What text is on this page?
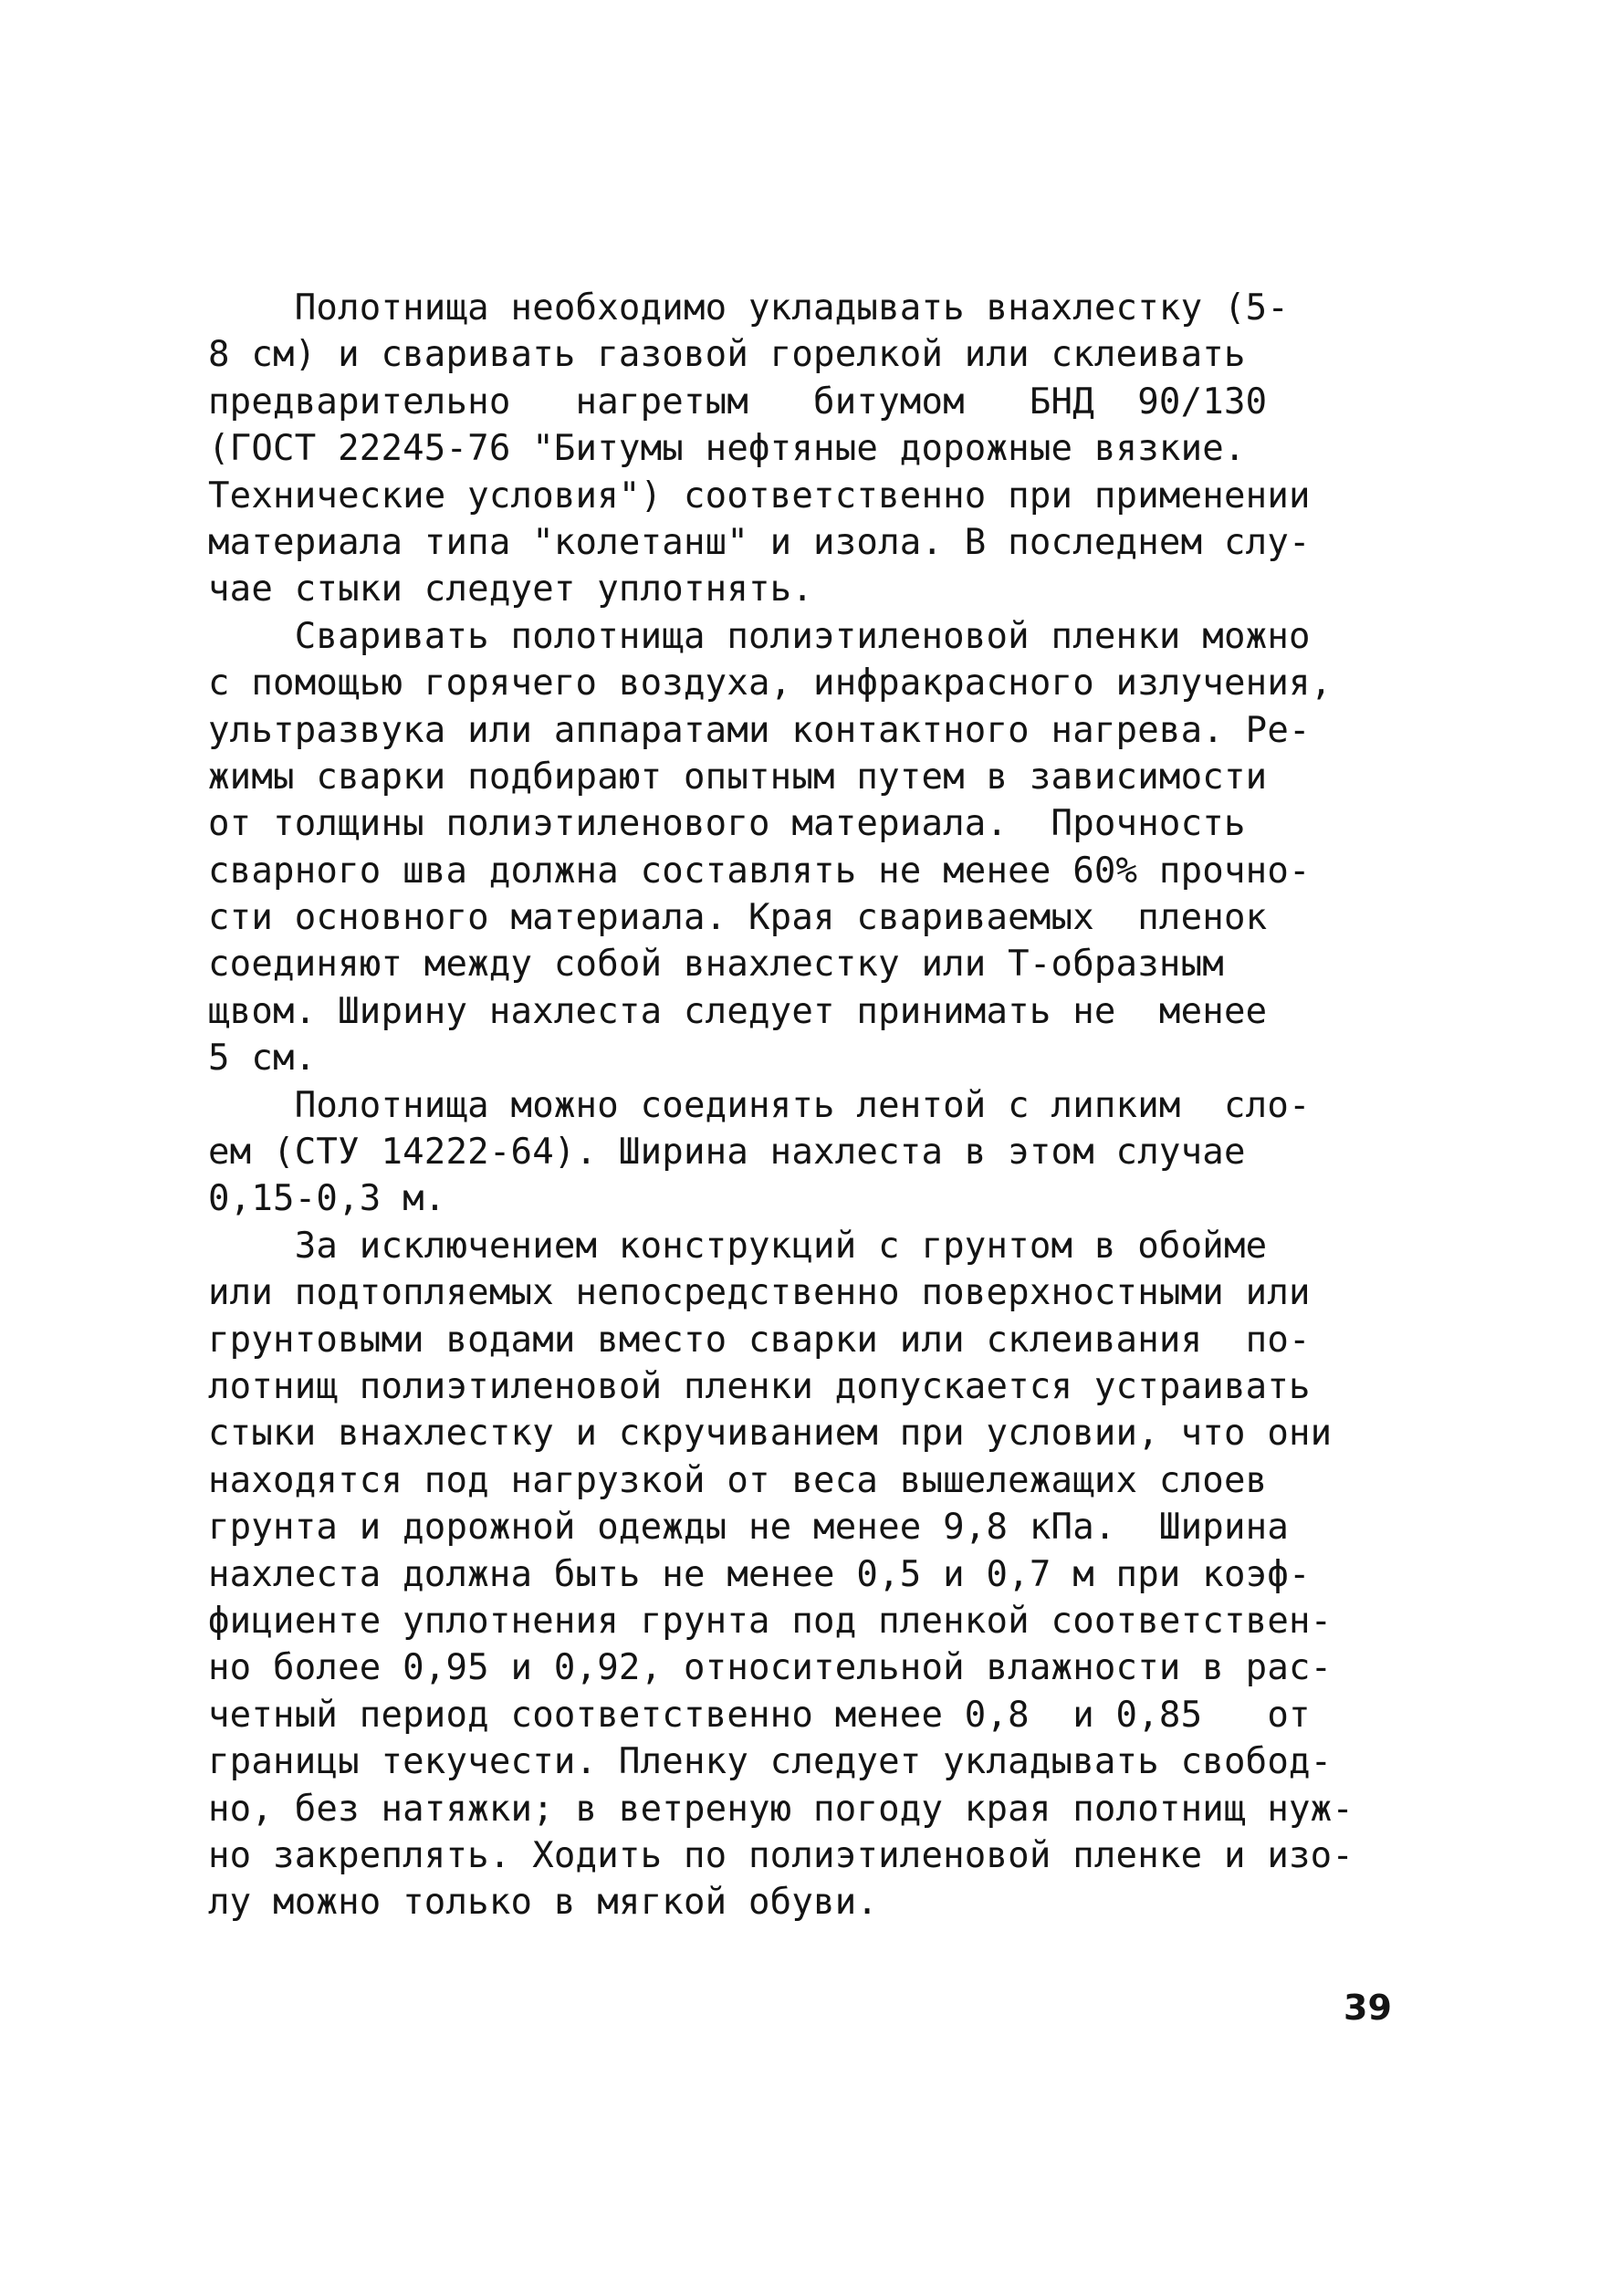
Полотнища необходимо укладывать внахлестку (5-
8 см) и сваривать газовой горелкой или склеивать
предварительно   нагретым   битумом   БНД  90/130
(ГОСТ 22245-76 "Битумы нефтяные дорожные вязкие.
Технические условия") соответственно при применении
материала типа "колетанш" и изола. В последнем слу-
чае стыки следует уплотнять.
Сваривать полотнища полиэтиленовой пленки можно
с помощью горячего воздуха, инфракрасного излучения,
ультразвука или аппаратами контактного нагрева. Ре-
жимы сварки подбирают опытным путем в зависимости
от толщины полиэтиленового материала.  Прочность
сварного шва должна составлять не менее 60% прочно-
сти основного материала. Края свариваемых  пленок
соединяют между собой внахлестку или Т-образным
щвом. Ширину нахлеста следует принимать не  менее
5 см.
Полотнища можно соединять лентой с липким  сло-
ем (СТУ 14222-64). Ширина нахлеста в этом случае
0,15-0,3 м.
За исключением конструкций с грунтом в обойме
или подтопляемых непосредственно поверхностными или
грунтовыми водами вместо сварки или склеивания  по-
лотнищ полиэтиленовой пленки допускается устраивать
стыки внахлестку и скручиванием при условии, что они
находятся под нагрузкой от веса вышележащих слоев
грунта и дорожной одежды не менее 9,8 кПа.  Ширина
нахлеста должна быть не менее 0,5 и 0,7 м при коэф-
фициенте уплотнения грунта под пленкой соответствен-
но более 0,95 и 0,92, относительной влажности в рас-
четный период соответственно менее 0,8  и 0,85   от
границы текучести. Пленку следует укладывать свобод-
но, без натяжки; в ветреную погоду края полотнищ нуж-
но закреплять. Ходить по полиэтиленовой пленке и изо-
лу можно только в мягкой обуви.
39
